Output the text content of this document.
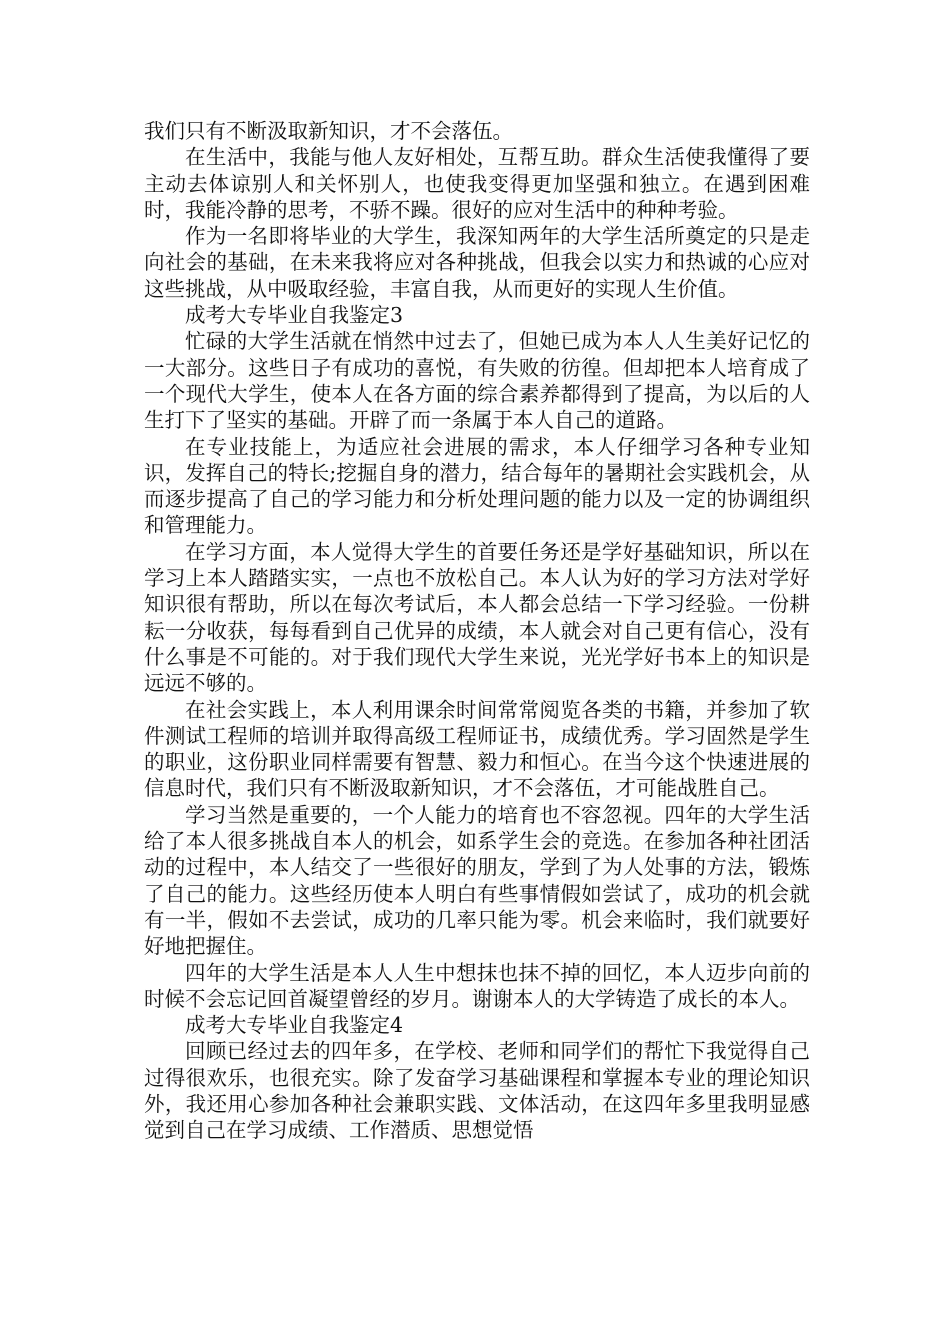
我们只有不断汲取新知识，才不会落伍。

在生活中，我能与他人友好相处，互帮互助。群众生活使我懂得了要主动去体谅别人和关怀别人，也使我变得更加坚强和独立。在遇到困难时，我能冷静的思考，不骄不躁。很好的应对生活中的种种考验。

作为一名即将毕业的大学生，我深知两年的大学生活所奠定的只是走向社会的基础，在未来我将应对各种挑战，但我会以实力和热诚的心应对这些挑战，从中吸取经验，丰富自我，从而更好的实现人生价值。

成考大专毕业自我鉴定3

忙碌的大学生活就在悄然中过去了，但她已成为本人人生美好记忆的一大部分。这些日子有成功的喜悦，有失败的彷徨。但却把本人培育成了一个现代大学生，使本人在各方面的综合素养都得到了提高，为以后的人生打下了坚实的基础。开辟了而一条属于本人自己的道路。

在专业技能上，为适应社会进展的需求，本人仔细学习各种专业知识，发挥自己的特长;挖掘自身的潜力，结合每年的暑期社会实践机会，从而逐步提高了自己的学习能力和分析处理问题的能力以及一定的协调组织和管理能力。

在学习方面，本人觉得大学生的首要任务还是学好基础知识，所以在学习上本人踏踏实实，一点也不放松自己。本人认为好的学习方法对学好知识很有帮助，所以在每次考试后，本人都会总结一下学习经验。一份耕耘一分收获，每每看到自己优异的成绩，本人就会对自己更有信心，没有什么事是不可能的。对于我们现代大学生来说，光光学好书本上的知识是远远不够的。

在社会实践上，本人利用课余时间常常阅览各类的书籍，并参加了软件测试工程师的培训并取得高级工程师证书，成绩优秀。学习固然是学生的职业，这份职业同样需要有智慧、毅力和恒心。在当今这个快速进展的信息时代，我们只有不断汲取新知识，才不会落伍，才可能战胜自己。

学习当然是重要的，一个人能力的培育也不容忽视。四年的大学生活给了本人很多挑战自本人的机会，如系学生会的竞选。在参加各种社团活动的过程中，本人结交了一些很好的朋友，学到了为人处事的方法，锻炼了自己的能力。这些经历使本人明白有些事情假如尝试了，成功的机会就有一半，假如不去尝试，成功的几率只能为零。机会来临时，我们就要好好地把握住。

四年的大学生活是本人人生中想抹也抹不掉的回忆，本人迈步向前的时候不会忘记回首凝望曾经的岁月。谢谢本人的大学铸造了成长的本人。

成考大专毕业自我鉴定4

回顾已经过去的四年多，在学校、老师和同学们的帮忙下我觉得自己过得很欢乐，也很充实。除了发奋学习基础课程和掌握本专业的理论知识外，我还用心参加各种社会兼职实践、文体活动，在这四年多里我明显感觉到自己在学习成绩、工作潜质、思想觉悟
